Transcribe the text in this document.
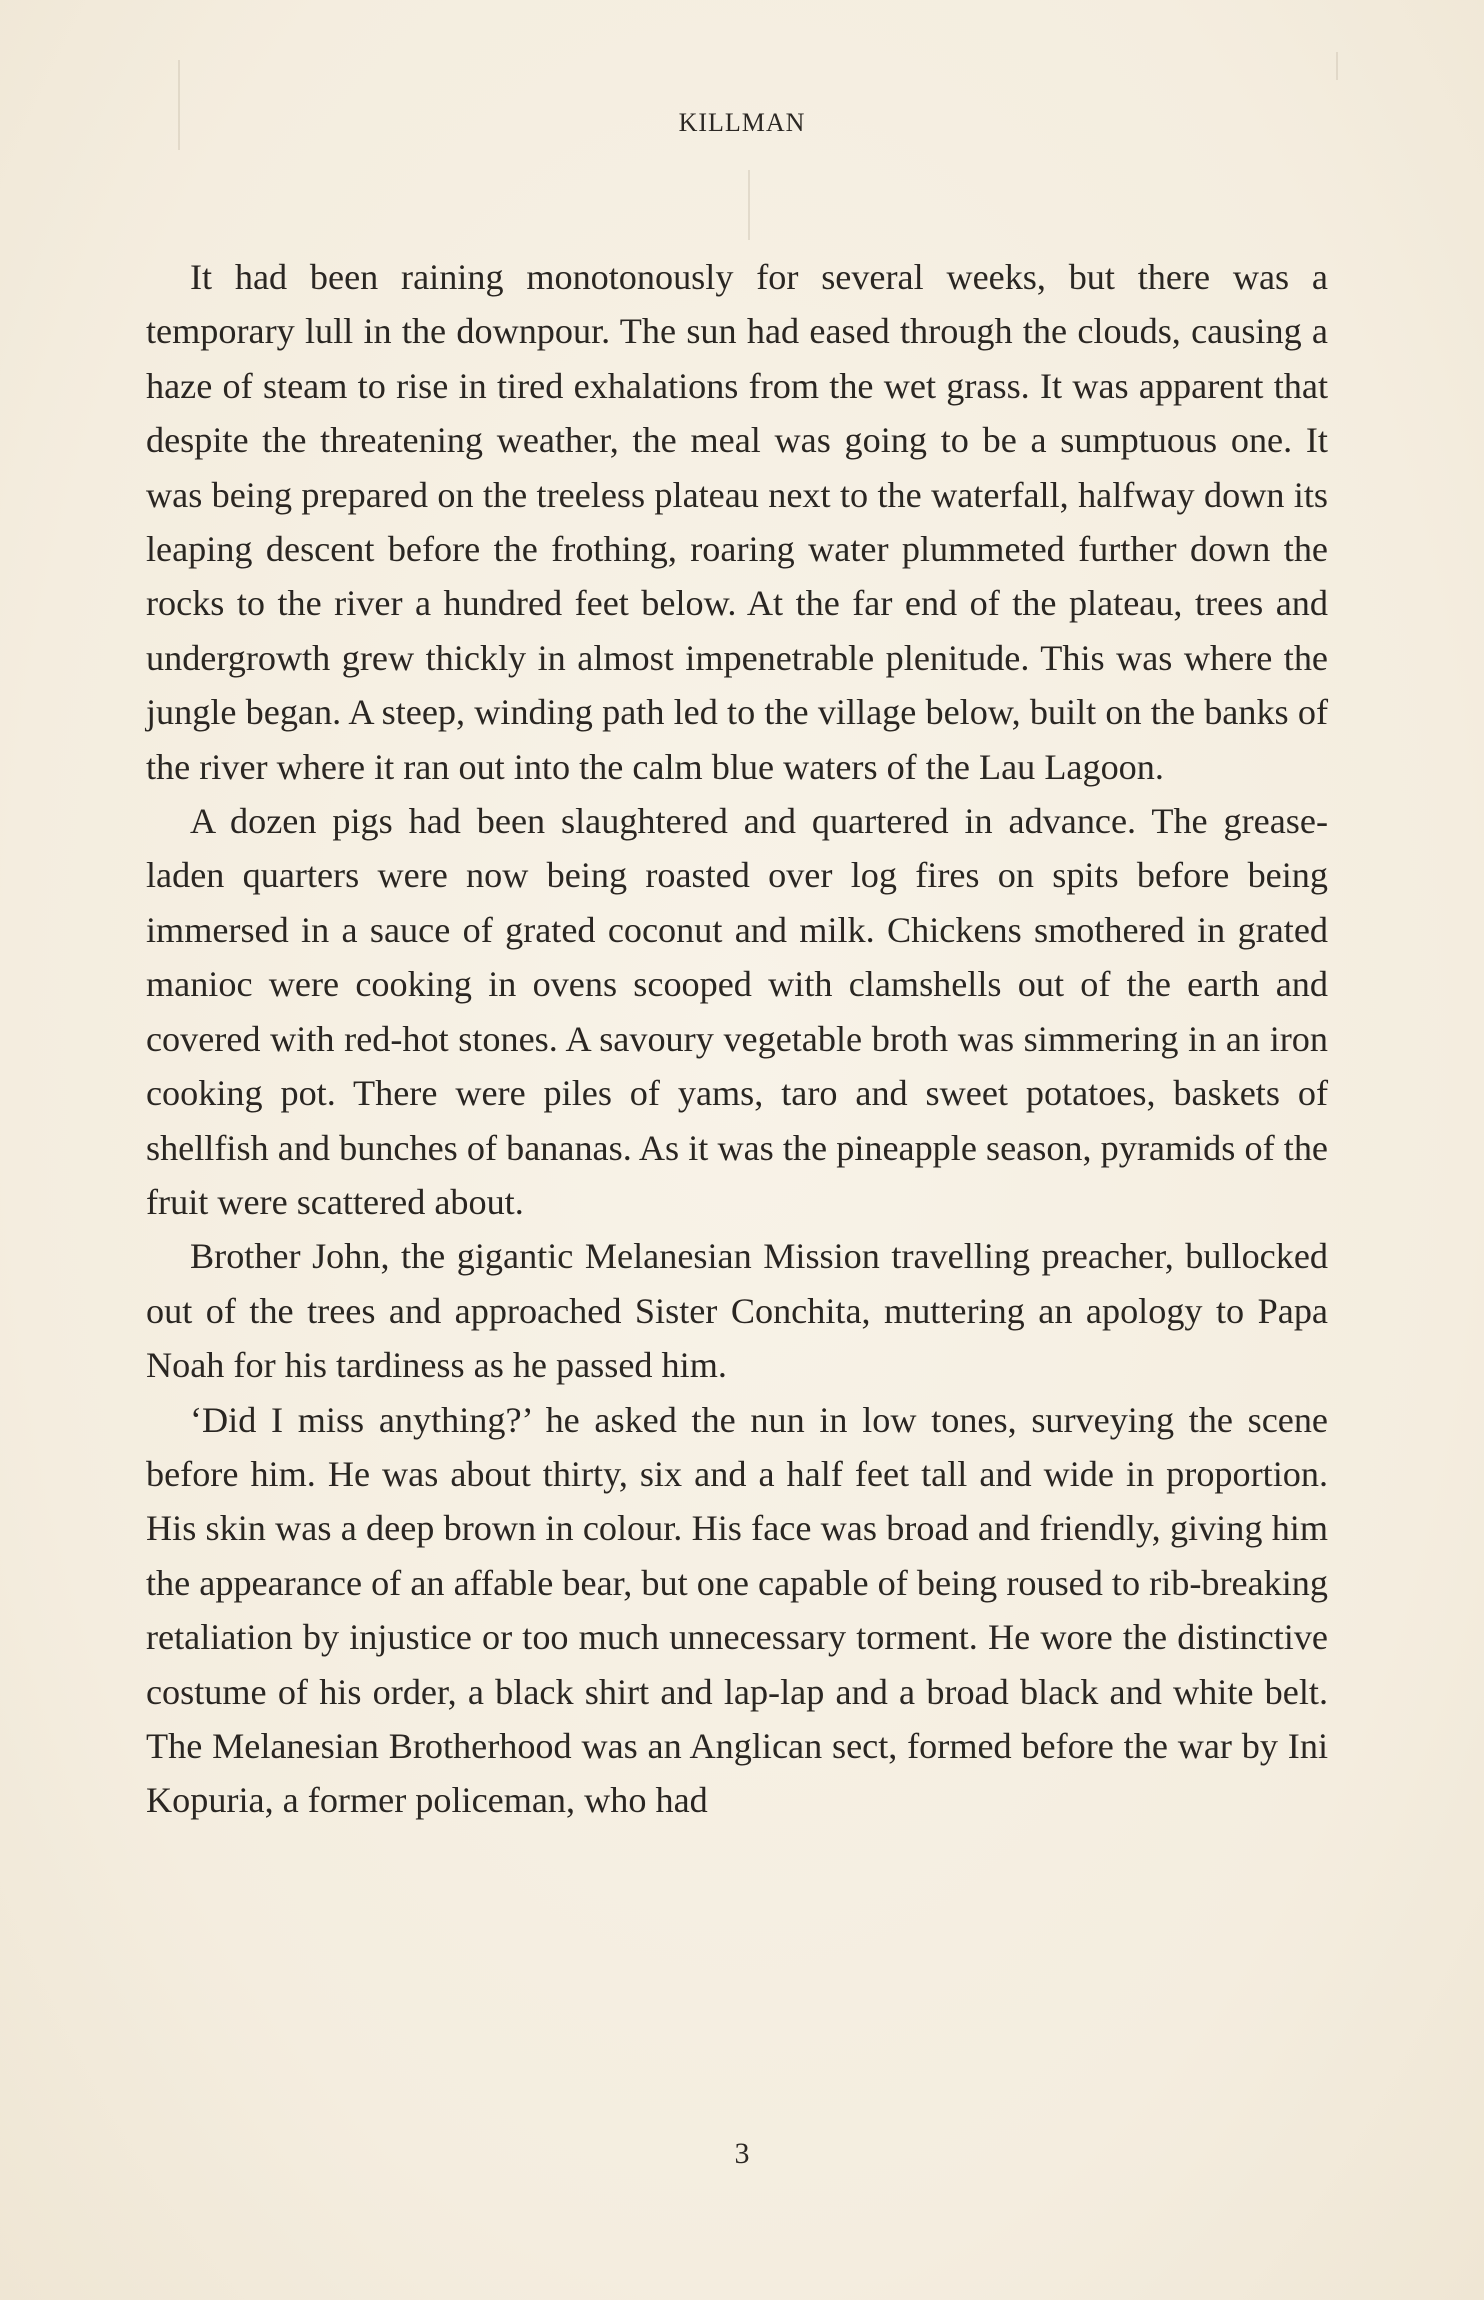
KILLMAN

It had been raining monotonously for several weeks, but there was a temporary lull in the downpour. The sun had eased through the clouds, causing a haze of steam to rise in tired exhalations from the wet grass. It was apparent that despite the threatening weather, the meal was going to be a sumptuous one. It was being prepared on the treeless plateau next to the waterfall, halfway down its leaping descent before the frothing, roaring water plummeted further down the rocks to the river a hundred feet below. At the far end of the plateau, trees and undergrowth grew thickly in almost impenetrable plenitude. This was where the jungle began. A steep, winding path led to the village below, built on the banks of the river where it ran out into the calm blue waters of the Lau Lagoon.

A dozen pigs had been slaughtered and quartered in advance. The grease-laden quarters were now being roasted over log fires on spits before being immersed in a sauce of grated coconut and milk. Chickens smothered in grated manioc were cooking in ovens scooped with clamshells out of the earth and covered with red-hot stones. A savoury vegetable broth was simmering in an iron cooking pot. There were piles of yams, taro and sweet potatoes, baskets of shellfish and bunches of bananas. As it was the pineapple season, pyramids of the fruit were scattered about.

Brother John, the gigantic Melanesian Mission travelling preacher, bullocked out of the trees and approached Sister Conchita, muttering an apology to Papa Noah for his tardiness as he passed him.

‘Did I miss anything?’ he asked the nun in low tones, surveying the scene before him. He was about thirty, six and a half feet tall and wide in proportion. His skin was a deep brown in colour. His face was broad and friendly, giving him the appearance of an affable bear, but one capable of being roused to rib-breaking retaliation by injustice or too much unnecessary torment. He wore the distinctive costume of his order, a black shirt and lap-lap and a broad black and white belt. The Melanesian Brotherhood was an Anglican sect, formed before the war by Ini Kopuria, a former policeman, who had

3
